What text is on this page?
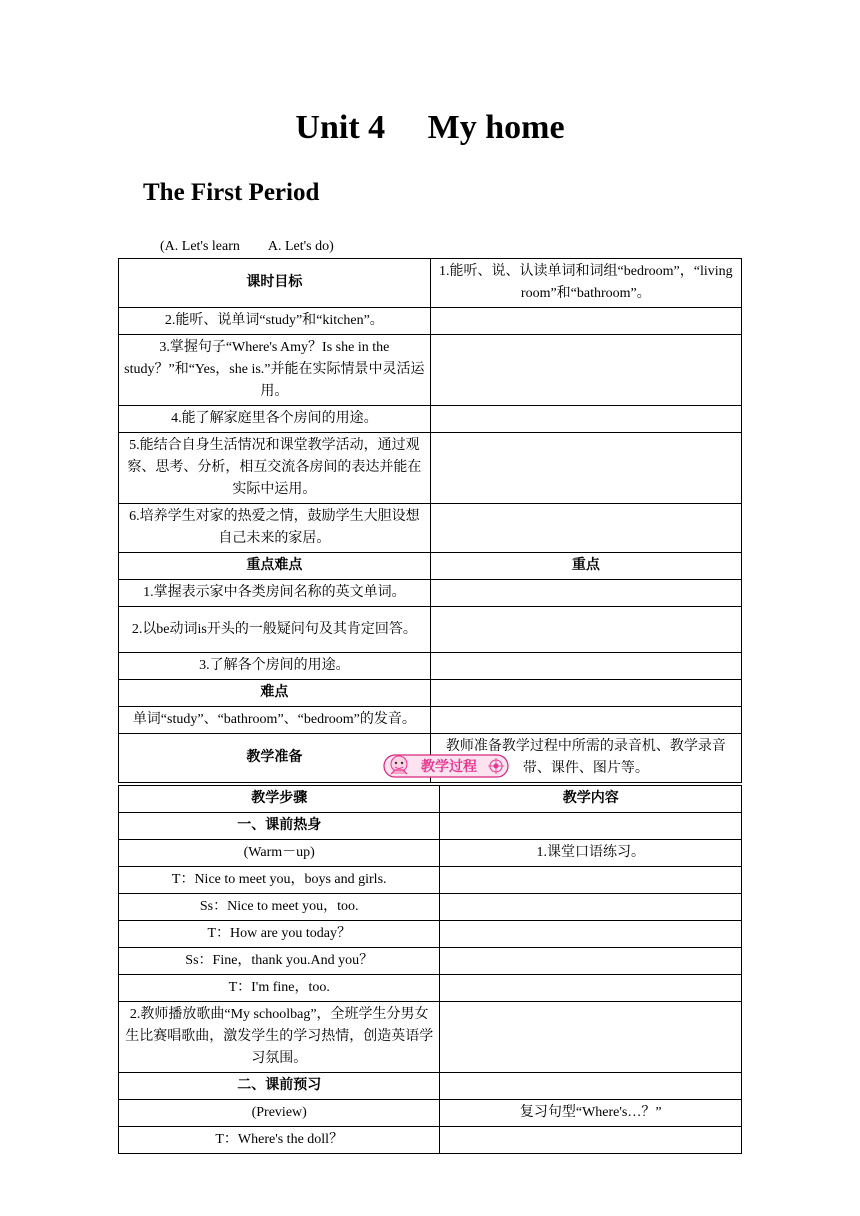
Unit 4　 My home
The First Period
(A. Let's learn　　A. Let's do)
课时目标	1.能听、说、认读单词和词组“bedroom”，“living room”和“bathroom”。
2.能听、说单词“study”和“kitchen”。	
3.掌握句子“Where's Amy？Is she in the study？”和“Yes，she is.”并能在实际情景中灵活运用。	
4.能了解家庭里各个房间的用途。	
5.能结合自身生活情况和课堂教学活动，通过观察、思考、分析，相互交流各房间的表达并能在实际中运用。	
6.培养学生对家的热爱之情，鼓励学生大胆设想自己未来的家居。	
重点难点	重点
1.掌握表示家中各类房间名称的英文单词。	
2.以be动词is开头的一般疑问句及其肯定回答。	
3.了解各个房间的用途。	
难点	
单词“study”、“bathroom”、“bedroom”的发音。	
教学准备	教师准备教学过程中所需的录音机、教学录音带、课件、图片等。
教学过程
教学步骤	教学内容
一、课前热身	
(Warm－up)	1.课堂口语练习。
T：Nice to meet you，boys and girls.	
Ss：Nice to meet you，too.	
T：How are you today？	
Ss：Fine，thank you.And you？	
T：I'm fine，too.	
2.教师播放歌曲“My schoolbag”，全班学生分男女生比赛唱歌曲，激发学生的学习热情，创造英语学习氛围。	
二、课前预习	
(Preview)	复习句型“Where's…？”
T：Where's the doll？	
